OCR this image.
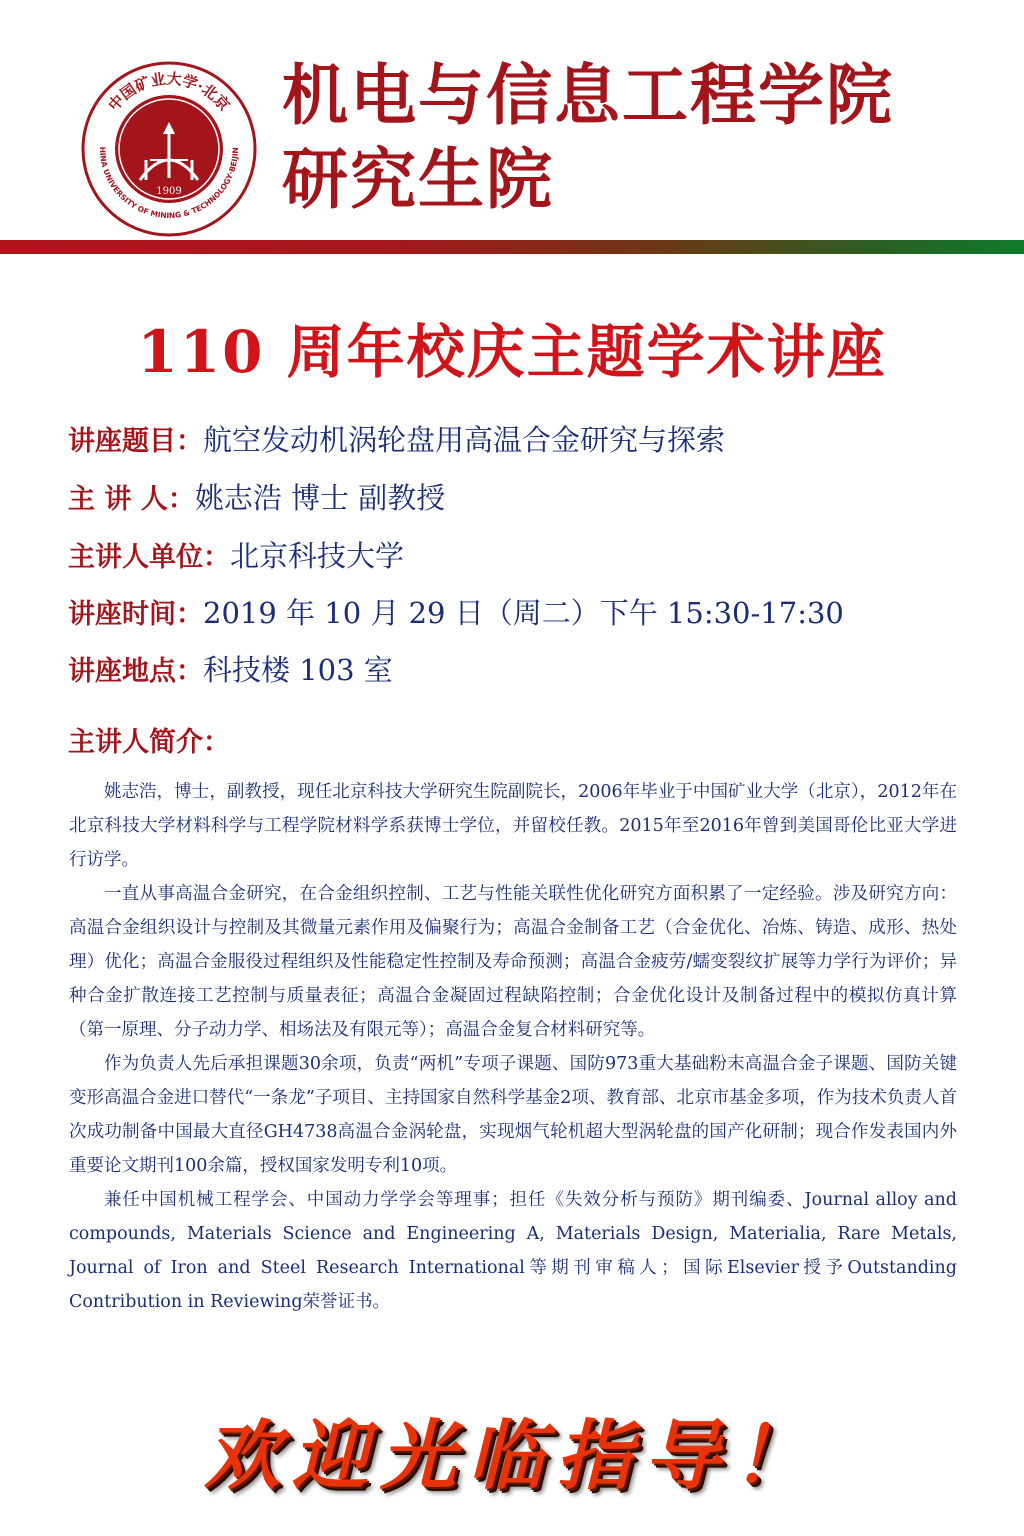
中国矿业大学·北京
HINA UNIVERSITY OF MINING & TECHNOLOGY·BEIJIN
1909
机电与信息工程学院
研究生院
110 周年校庆主题学术讲座
讲座题目：航空发动机涡轮盘用高温合金研究与探索
主 讲 人：姚志浩 博士 副教授
主讲人单位：北京科技大学
讲座时间：2019 年 10 月 29 日（周二）下午 15:30-17:30
讲座地点：科技楼 103 室
主讲人简介：

姚志浩，博士，副教授，现任北京科技大学研究生院副院长，2006年毕业于中国矿业大学（北京），2012年在北京科技大学材料科学与工程学院材料学系获博士学位，并留校任教。2015年至2016年曾到美国哥伦比亚大学进行访学。

一直从事高温合金研究，在合金组织控制、工艺与性能关联性优化研究方面积累了一定经验。涉及研究方向：高温合金组织设计与控制及其微量元素作用及偏聚行为；高温合金制备工艺（合金优化、冶炼、铸造、成形、热处理）优化；高温合金服役过程组织及性能稳定性控制及寿命预测；高温合金疲劳/蠕变裂纹扩展等力学行为评价；异种合金扩散连接工艺控制与质量表征；高温合金凝固过程缺陷控制；合金优化设计及制备过程中的模拟仿真计算（第一原理、分子动力学、相场法及有限元等）；高温合金复合材料研究等。

作为负责人先后承担课题30余项，负责“两机”专项子课题、国防973重大基础粉末高温合金子课题、国防关键变形高温合金进口替代“一条龙”子项目、主持国家自然科学基金2项、教育部、北京市基金多项，作为技术负责人首次成功制备中国最大直径GH4738高温合金涡轮盘，实现烟气轮机超大型涡轮盘的国产化研制；现合作发表国内外重要论文期刊100余篇，授权国家发明专利10项。

兼任中国机械工程学会、中国动力学学会等理事；担任《失效分析与预防》期刊编委、Journal alloy and compounds, Materials Science and Engineering A, Materials Design, Materialia, Rare Metals, Journal of Iron and Steel Research International等期刊审稿人；国际Elsevier授予Outstanding Contribution in Reviewing荣誉证书。

欢迎光临指导！
